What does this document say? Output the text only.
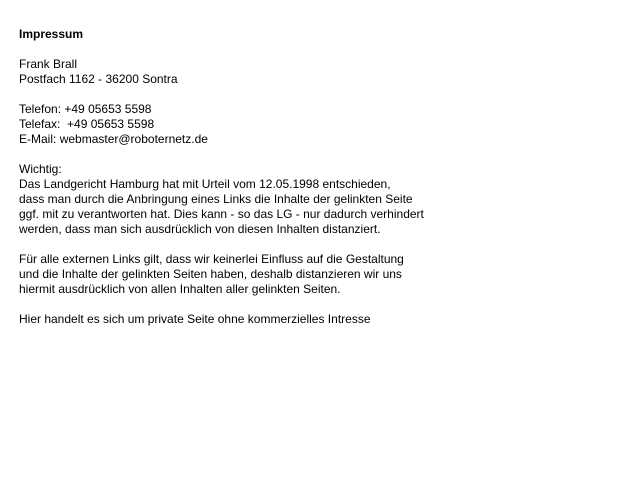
Impressum

Frank Brall
Postfach 1162 - 36200 Sontra
Telefon: +49 05653 5598
Telefax: +49 05653 5598
E-Mail: webmaster@roboternetz.de
Wichtig:
Das Landgericht Hamburg hat mit Urteil vom 12.05.1998 entschieden,
dass man durch die Anbringung eines Links die Inhalte der gelinkten Seite
ggf. mit zu verantworten hat. Dies kann - so das LG - nur dadurch verhindert
werden, dass man sich ausdrücklich von diesen Inhalten distanziert.
Für alle externen Links gilt, dass wir keinerlei Einfluss auf die Gestaltung
und die Inhalte der gelinkten Seiten haben, deshalb distanzieren wir uns
hiermit ausdrücklich von allen Inhalten aller gelinkten Seiten.
Hier handelt es sich um private Seite ohne kommerzielles Intresse
